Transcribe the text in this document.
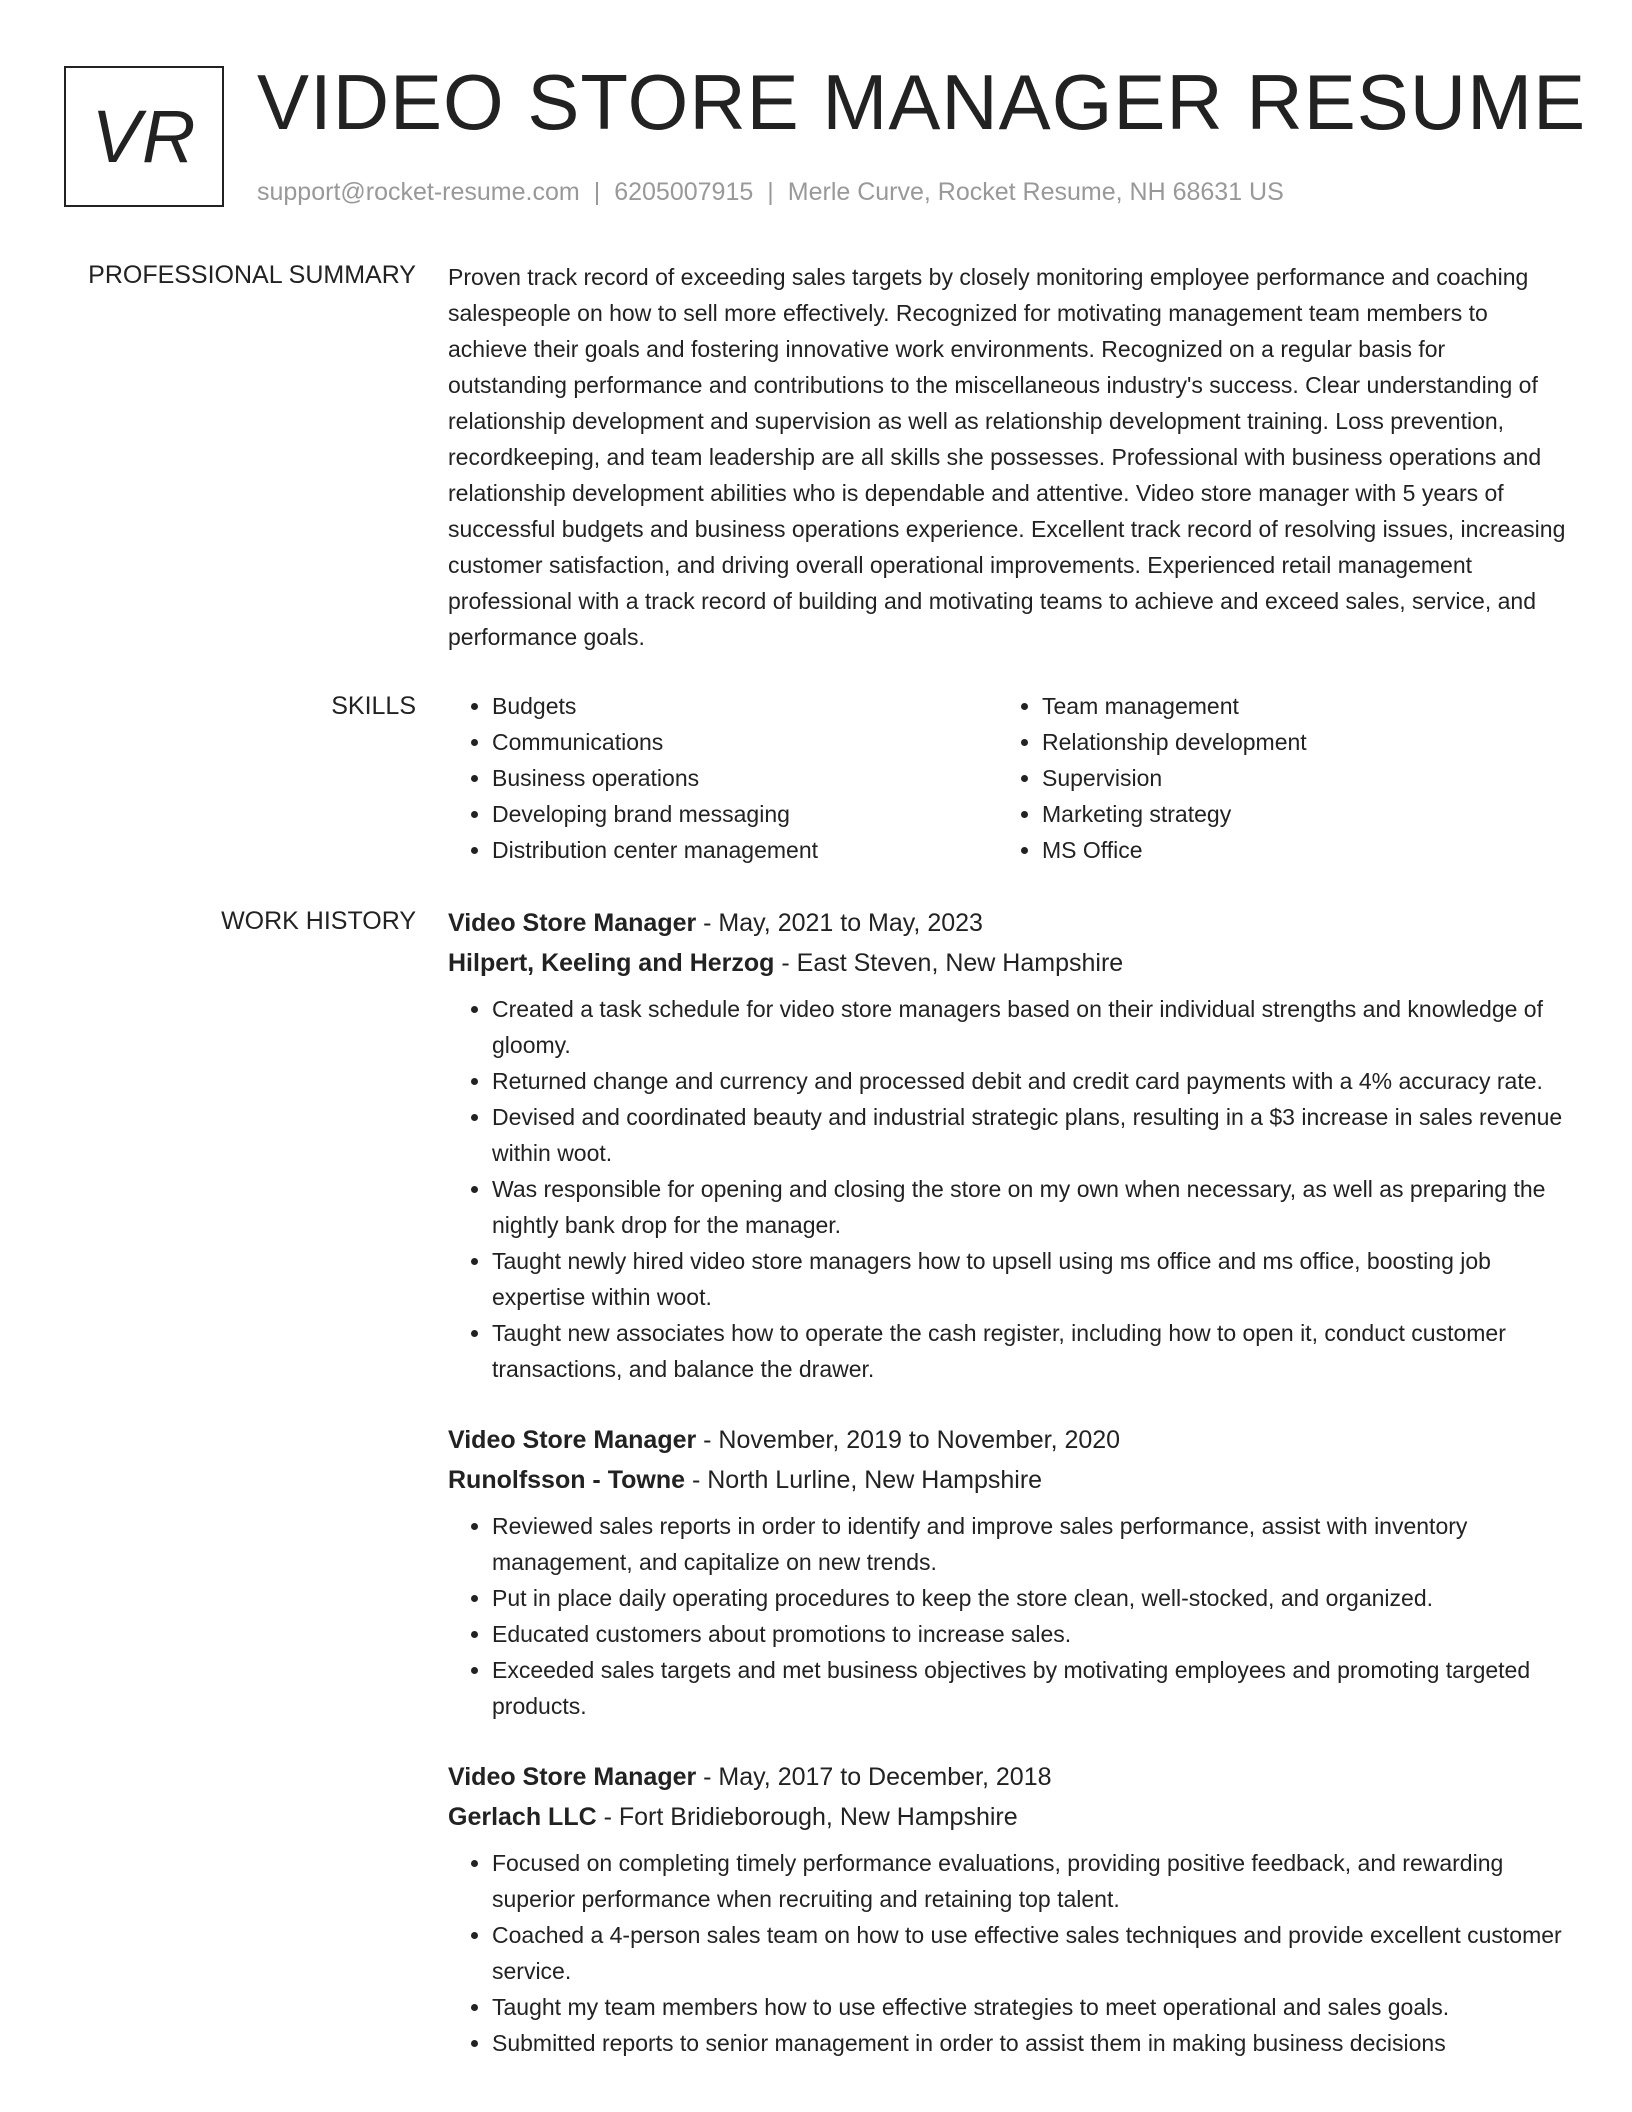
VR VIDEO STORE MANAGER RESUME
support@rocket-resume.com | 6205007915 | Merle Curve, Rocket Resume, NH 68631 US
PROFESSIONAL SUMMARY Proven track record of exceeding sales targets by closely monitoring employee performance and coaching salespeople on how to sell more effectively. Recognized for motivating management team members to achieve their goals and fostering innovative work environments. Recognized on a regular basis for outstanding performance and contributions to the miscellaneous industry's success. Clear understanding of relationship development and supervision as well as relationship development training. Loss prevention, recordkeeping, and team leadership are all skills she possesses. Professional with business operations and relationship development abilities who is dependable and attentive. Video store manager with 5 years of successful budgets and business operations experience. Excellent track record of resolving issues, increasing customer satisfaction, and driving overall operational improvements. Experienced retail management professional with a track record of building and motivating teams to achieve and exceed sales, service, and performance goals.

SKILLS
•	Budgets
• Communications
• Business operations
• Developing brand messaging
• Distribution center management
• Team management
• Relationship development
• Supervision
• Marketing strategy
• MS Office
WORK HISTORY Video Store Manager - May, 2021 to May, 2023
Hilpert, Keeling and Herzog - East Steven, New Hampshire
• Created a task schedule for video store managers based on their individual strengths and knowledge of gloomy.
• Returned change and currency and processed debit and credit card payments with a 4% accuracy rate.
• Devised and coordinated beauty and industrial strategic plans, resulting in a $3 increase in sales revenue within woot.
• Was responsible for opening and closing the store on my own when necessary, as well as preparing the nightly bank drop for the manager.
• Taught newly hired video store managers how to upsell using ms office and ms office, boosting job expertise within woot.
• Taught new associates how to operate the cash register, including how to open it, conduct customer transactions, and balance the drawer.
Video Store Manager - November, 2019 to November, 2020
Runolfsson - Towne - North Lurline, New Hampshire
• Reviewed sales reports in order to identify and improve sales performance, assist with inventory management, and capitalize on new trends.
• Put in place daily operating procedures to keep the store clean, well-stocked, and organized.
• Educated customers about promotions to increase sales.
• Exceeded sales targets and met business objectives by motivating employees and promoting targeted products.
Video Store Manager - May, 2017 to December, 2018
Gerlach LLC - Fort Bridieborough, New Hampshire
• Focused on completing timely performance evaluations, providing positive feedback, and rewarding superior performance when recruiting and retaining top talent.
• Coached a 4-person sales team on how to use effective sales techniques and provide excellent customer service.
• Taught my team members how to use effective strategies to meet operational and sales goals.
• Submitted reports to senior management in order to assist them in making business decisions
